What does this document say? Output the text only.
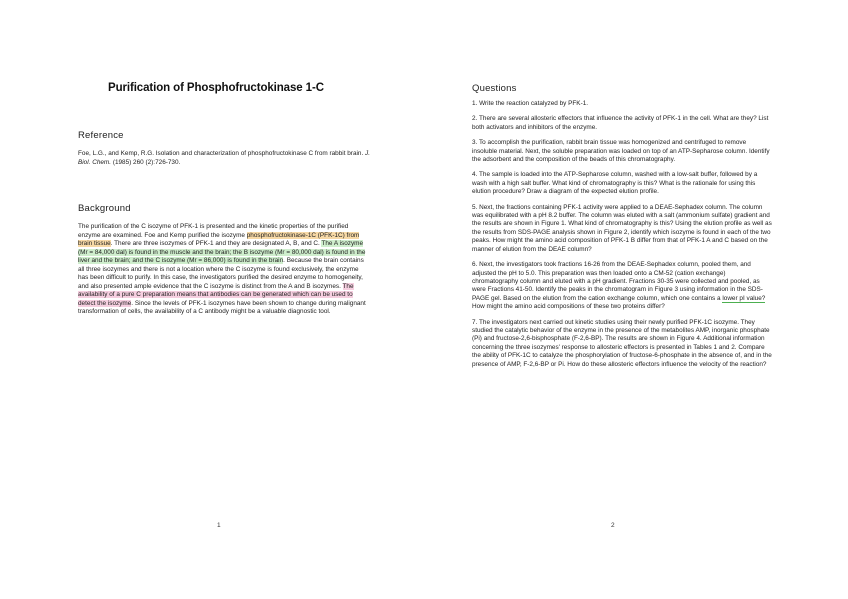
Purification of Phosphofructokinase 1-C
Reference
Foe, L.G., and Kemp, R.G. Isolation and characterization of phosphofructokinase C from rabbit brain. J. Biol. Chem. (1985) 260 (2):726-730.
Background
The purification of the C isozyme of PFK-1 is presented and the kinetic properties of the purified enzyme are examined. Foe and Kemp purified the isozyme phosphofructokinase-1C (PFK-1C) from brain tissue. There are three isozymes of PFK-1 and they are designated A, B, and C. The A isozyme (Mr = 84,000 dal) is found in the muscle and the brain; the B isozyme (Mr = 80,000 dal) is found in the liver and the brain; and the C isozyme (Mr = 86,000) is found in the brain. Because the brain contains all three isozymes and there is not a location where the C isozyme is found exclusively, the enzyme has been difficult to purify. In this case, the investigators purified the desired enzyme to homogeneity, and also presented ample evidence that the C isozyme is distinct from the A and B isozymes. The availability of a pure C preparation means that antibodies can be generated which can be used to detect the isozyme. Since the levels of PFK-1 isozymes have been shown to change during malignant transformation of cells, the availability of a C antibody might be a valuable diagnostic tool.
1
Questions

1. Write the reaction catalyzed by PFK-1.

2. There are several allosteric effectors that influence the activity of PFK-1 in the cell. What are they? List both activators and inhibitors of the enzyme.

3. To accomplish the purification, rabbit brain tissue was homogenized and centrifuged to remove insoluble material. Next, the soluble preparation was loaded on top of an ATP-Sepharose column. Identify the adsorbent and the composition of the beads of this chromatography.

4. The sample is loaded into the ATP-Sepharose column, washed with a low-salt buffer, followed by a wash with a high salt buffer. What kind of chromatography is this? What is the rationale for using this elution procedure? Draw a diagram of the expected elution profile.

5. Next, the fractions containing PFK-1 activity were applied to a DEAE-Sephadex column. The column was equilibrated with a pH 8.2 buffer. The column was eluted with a salt (ammonium sulfate) gradient and the results are shown in Figure 1. What kind of chromatography is this? Using the elution profile as well as the results from SDS-PAGE analysis shown in Figure 2, identify which isozyme is found in each of the two peaks. How might the amino acid composition of PFK-1 B differ from that of PFK-1 A and C based on the manner of elution from the DEAE column?

6. Next, the investigators took fractions 16-26 from the DEAE-Sephadex column, pooled them, and adjusted the pH to 5.0. This preparation was then loaded onto a CM-52 (cation exchange) chromatography column and eluted with a pH gradient. Fractions 30-35 were collected and pooled, as were Fractions 41-50. Identify the peaks in the chromatogram in Figure 3 using information in the SDS-PAGE gel. Based on the elution from the cation exchange column, which one contains a lower pI value? How might the amino acid compositions of these two proteins differ?

7. The investigators next carried out kinetic studies using their newly purified PFK-1C isozyme. They studied the catalytic behavior of the enzyme in the presence of the metabolites AMP, inorganic phosphate (Pi) and fructose-2,6-bisphosphate (F-2,6-BP). The results are shown in Figure 4. Additional information concerning the three isozymes' response to allosteric effectors is presented in Tables 1 and 2. Compare the ability of PFK-1C to catalyze the phosphorylation of fructose-6-phosphate in the absence of, and in the presence of AMP, F-2,6-BP or Pi. How do these allosteric effectors influence the velocity of the reaction?

2
